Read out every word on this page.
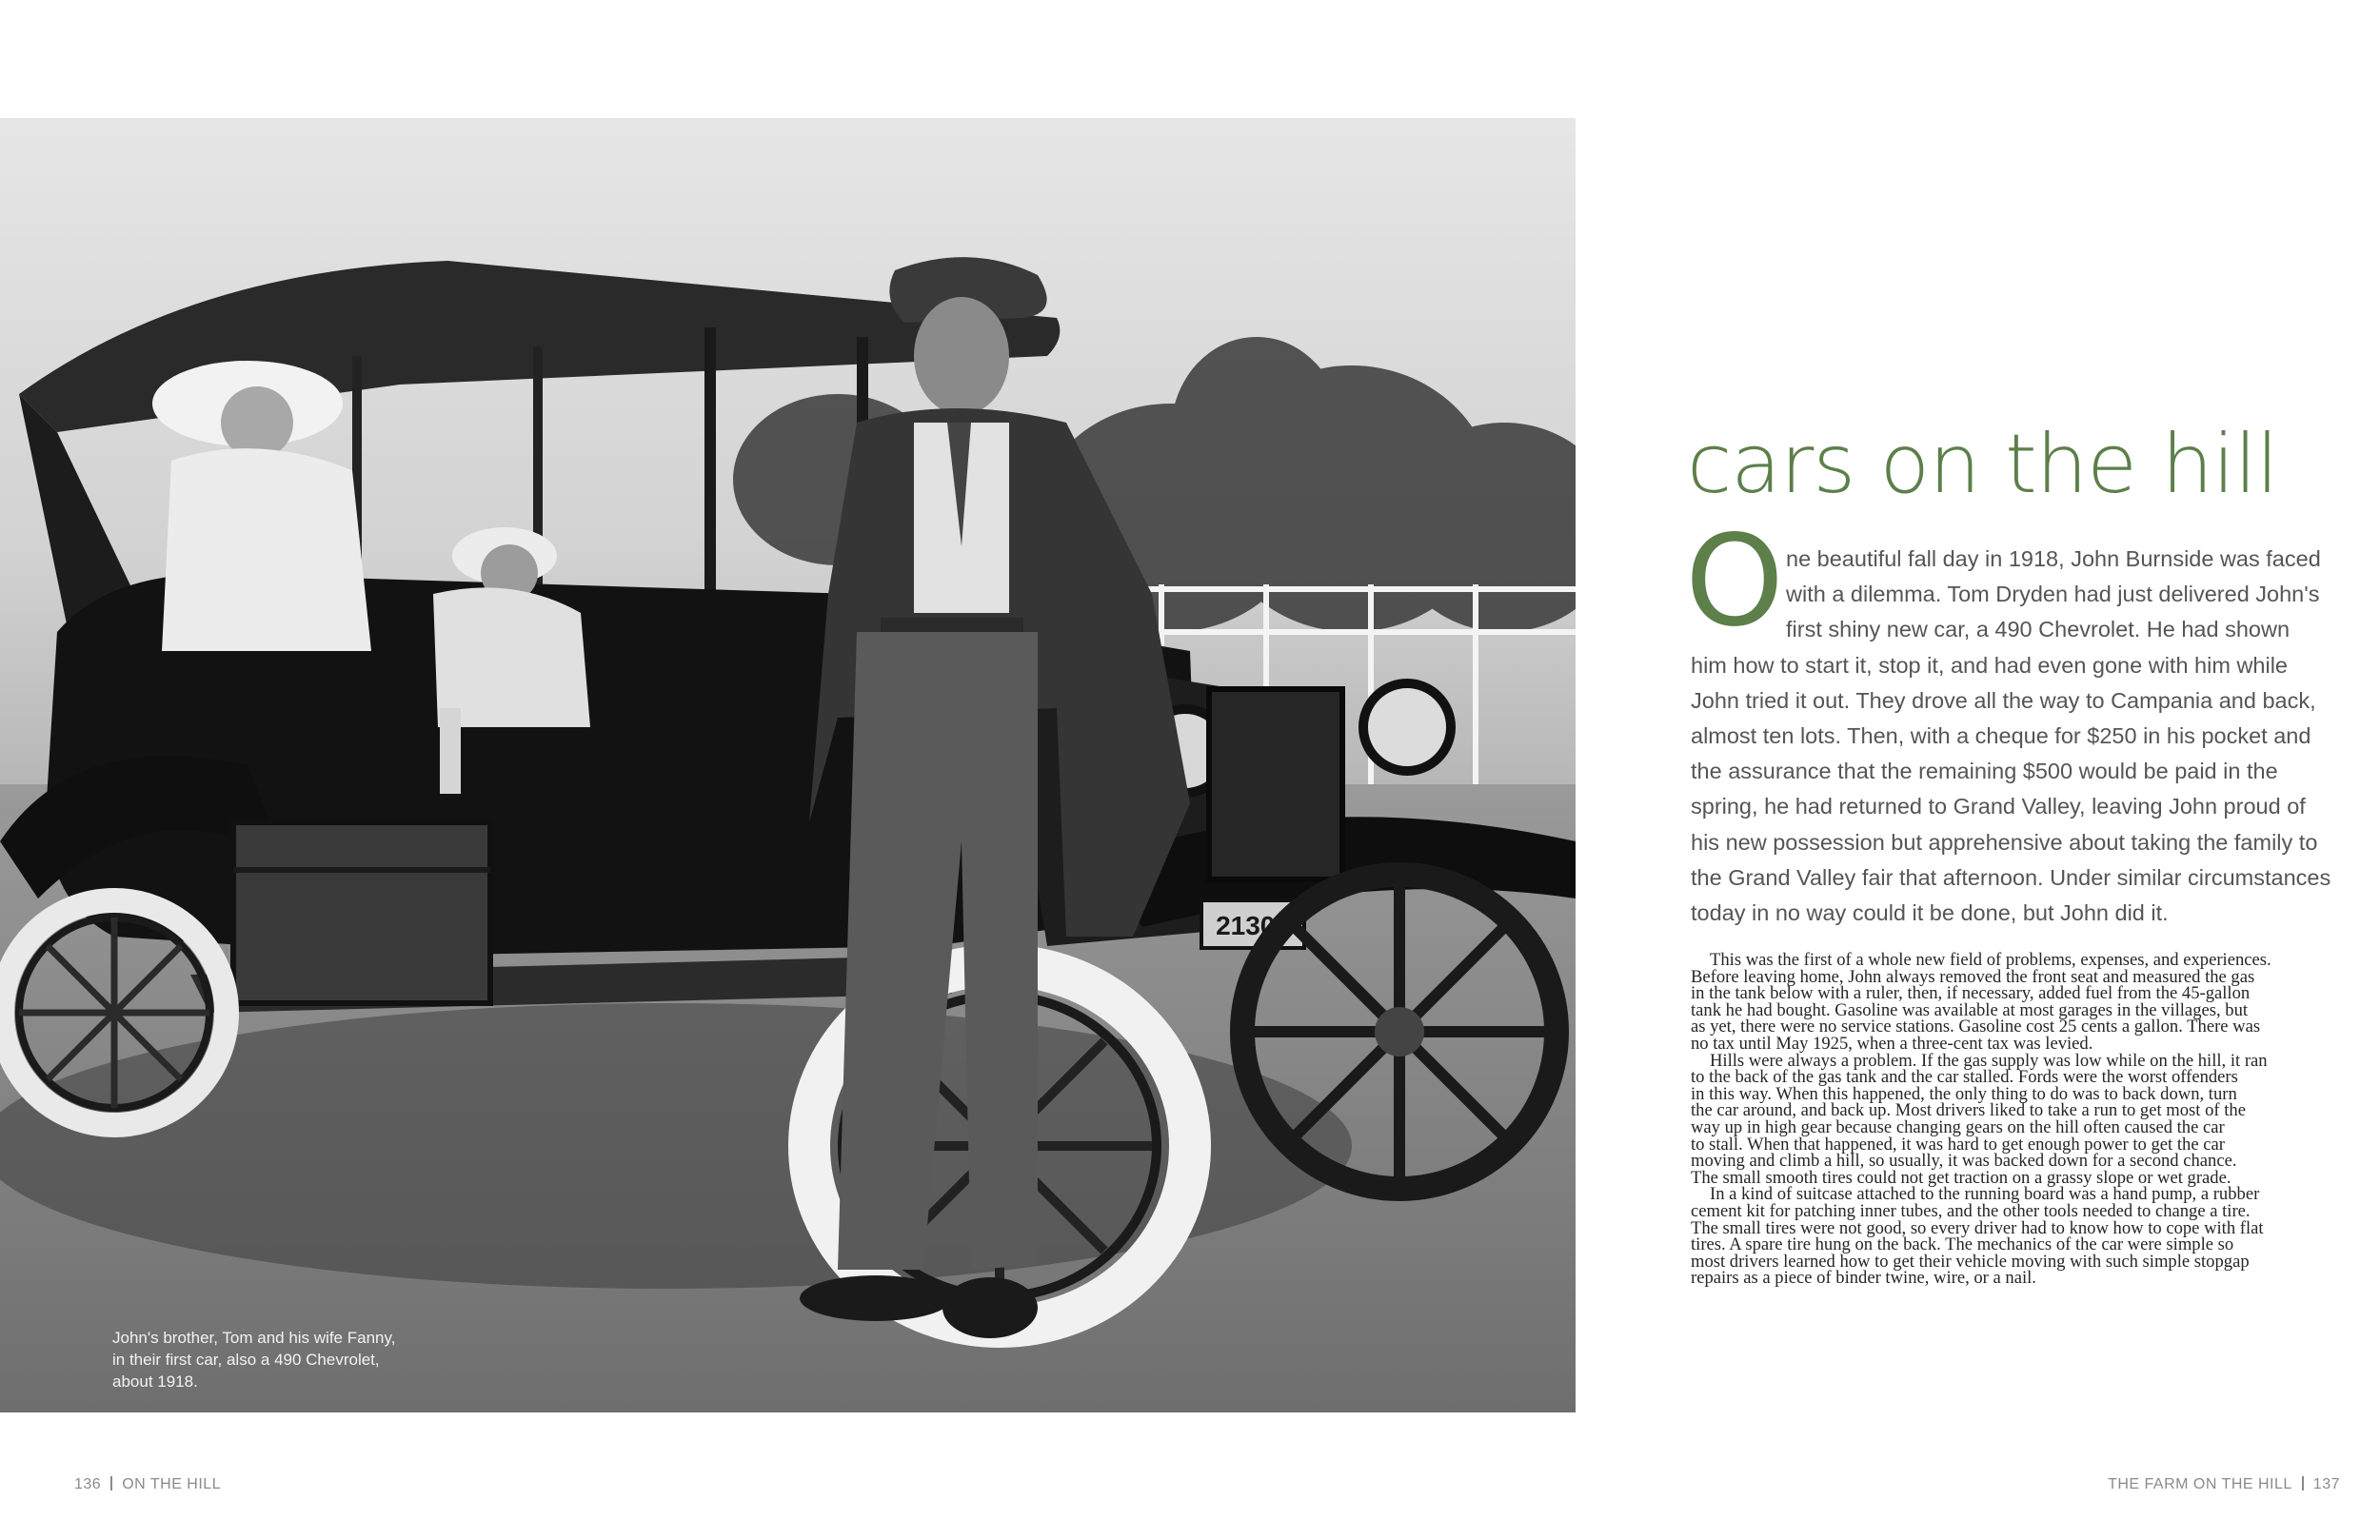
21304
John's brother, Tom and his wife Fanny,
in their first car, also a 490 Chevrolet,
about 1918.
cars on the hill
O ne beautiful fall day in 1918, John Burnside was faced
with a dilemma. Tom Dryden had just delivered John's
first shiny new car, a 490 Chevrolet. He had shown
him how to start it, stop it, and had even gone with him while
John tried it out. They drove all the way to Campania and back,
almost ten lots. Then, with a cheque for $250 in his pocket and
the assurance that the remaining $500 would be paid in the
spring, he had returned to Grand Valley, leaving John proud of
his new possession but apprehensive about taking the family to
the Grand Valley fair that afternoon. Under similar circumstances
today in no way could it be done, but John did it.
This was the first of a whole new field of problems, expenses, and experiences.
Before leaving home, John always removed the front seat and measured the gas
in the tank below with a ruler, then, if necessary, added fuel from the 45-gallon
tank he had bought. Gasoline was available at most garages in the villages, but
as yet, there were no service stations. Gasoline cost 25 cents a gallon. There was
no tax until May 1925, when a three-cent tax was levied.
Hills were always a problem. If the gas supply was low while on the hill, it ran
to the back of the gas tank and the car stalled. Fords were the worst offenders
in this way. When this happened, the only thing to do was to back down, turn
the car around, and back up. Most drivers liked to take a run to get most of the
way up in high gear because changing gears on the hill often caused the car
to stall. When that happened, it was hard to get enough power to get the car
moving and climb a hill, so usually, it was backed down for a second chance.
The small smooth tires could not get traction on a grassy slope or wet grade.
In a kind of suitcase attached to the running board was a hand pump, a rubber
cement kit for patching inner tubes, and the other tools needed to change a tire.
The small tires were not good, so every driver had to know how to cope with flat
tires. A spare tire hung on the back. The mechanics of the car were simple so
most drivers learned how to get their vehicle moving with such simple stopgap
repairs as a piece of binder twine, wire, or a nail.
136 ON THE HILL	THE FARM ON THE HILL 137
